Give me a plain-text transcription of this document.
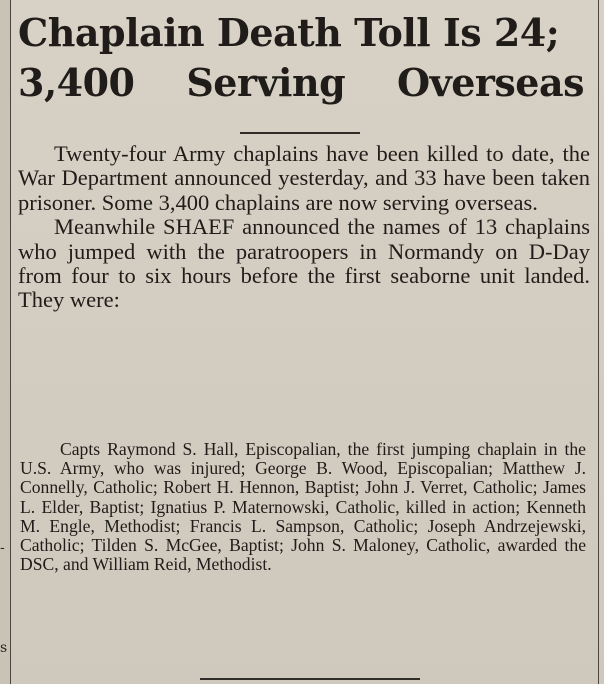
-
s
Chaplain Death Toll Is 24;
3,400 Serving Overseas

Twenty-four Army chaplains have been killed to date, the War Department announced yesterday, and 33 have been taken prisoner. Some 3,400 chaplains are now serving overseas.

Meanwhile SHAEF announced the names of 13 chaplains who jumped with the paratroopers in Normandy on D-Day from four to six hours before the first seaborne unit landed. They were:

Capts Raymond S. Hall, Episcopalian, the first jumping chaplain in the U.S. Army, who was injured; George B. Wood, Episcopalian; Matthew J. Connelly, Catholic; Robert H. Hennon, Baptist; John J. Verret, Catholic; James L. Elder, Baptist; Ignatius P. Maternowski, Catholic, killed in action; Kenneth M. Engle, Methodist; Francis L. Sampson, Catholic; Joseph Andrzejewski, Catholic; Tilden S. McGee, Baptist; John S. Maloney, Catholic, awarded the DSC, and William Reid, Methodist.
